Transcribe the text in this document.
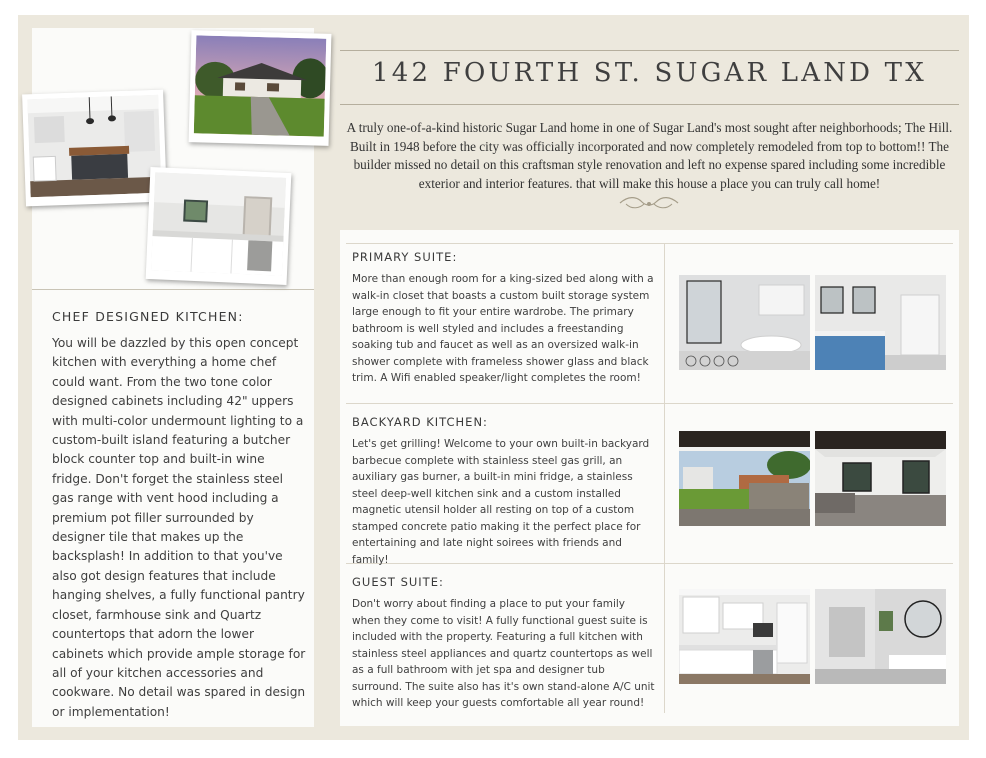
CHEF DESIGNED KITCHEN:

You will be dazzled by this open concept kitchen with everything a home chef could want. From the two tone color designed cabinets including 42" uppers with multi-color undermount lighting to a custom-built island featuring a butcher block counter top and built-in wine fridge. Don't forget the stainless steel gas range with vent hood including a premium pot filler surrounded by designer tile that makes up the backsplash! In addition to that you've also got design features that include hanging shelves, a fully functional pantry closet, farmhouse sink and Quartz countertops that adorn the lower cabinets which provide ample storage for all of your kitchen accessories and cookware. No detail was spared in design or implementation!

142 FOURTH ST. SUGAR LAND TX

A truly one-of-a-kind historic Sugar Land home in one of Sugar Land's most sought after neighborhoods; The Hill. Built in 1948 before the city was officially incorporated and now completely remodeled from top to bottom!! The builder missed no detail on this craftsman style renovation and left no expense spared including some incredible exterior and interior features. that will make this house a place you can truly call home!

PRIMARY SUITE:

More than enough room for a king-sized bed along with a walk-in closet that boasts a custom built storage system large enough to fit your entire wardrobe. The primary bathroom is well styled and includes a freestanding soaking tub and faucet as well as an oversized walk-in shower complete with frameless shower glass and black trim. A Wifi enabled speaker/light completes the room!

BACKYARD KITCHEN:

Let's get grilling! Welcome to your own built-in backyard barbecue complete with stainless steel gas grill, an auxiliary gas burner, a built-in mini fridge, a stainless steel deep-well kitchen sink and a custom installed magnetic utensil holder all resting on top of a custom stamped concrete patio making it the perfect place for entertaining and late night soirees with friends and family!

GUEST SUITE:

Don't worry about finding a place to put your family when they come to visit! A fully functional guest suite is included with the property. Featuring a full kitchen with stainless steel appliances and quartz countertops as well as a full bathroom with jet spa and designer tub surround. The suite also has it's own stand-alone A/C unit which will keep your guests comfortable all year round!
